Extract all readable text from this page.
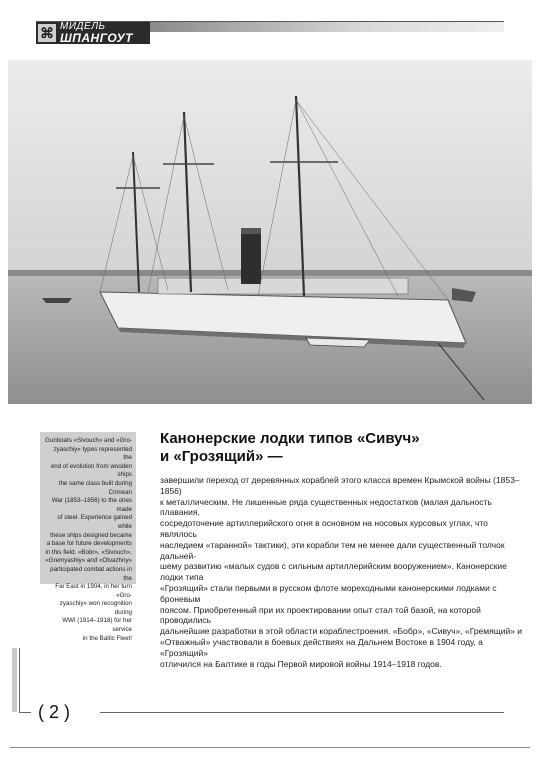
⌘ МИДЕЛЬ
ШПАНГОУТ
Gunboats «Sivouch» and «Gro-
zyaschiy» types represented the
end of evolution from wooden ships
the same class built during Crimean
War (1853–1856) to the ones made
of steel. Experience gained while
these ships designed became
a base for future developments
in this field. «Bobr», «Sivouch»,
«Gremyashiy» and «Otvazhny»
participated combat actions in the
Far East in 1904, in her turn «Gro-
zyaschiy» won recognition during
WWI (1914–1918) for her service
in the Baltic Fleet!
Канонерские лодки типов «Сивуч»
и «Грозящий» —
завершили переход от деревянных кораблей этого класса времен Крымской войны (1853–1856)
к металлическим. Не лишенные ряда существенных недостатков (малая дальность плавания,
сосредоточение артиллерийского огня в основном на носовых курсовых углах, что являлось
наследием «таранной» тактики), эти корабли тем не менее дали существенный толчок дальней-
шему развитию «малых судов с сильным артиллерийским вооружением». Канонерские лодки типа
«Грозящий» стали первыми в русском флоте мореходными канонерскими лодками с броневым
поясом. Приобретенный при их проектировании опыт стал той базой, на которой проводились
дальнейшие разработки в этой области кораблестроения. «Бобр», «Сивуч», «Гремящий» и
«Отважный» участвовали в боевых действиях на Дальнем Востоке в 1904 году, а «Грозящий»
отличился на Балтике в годы Первой мировой войны 1914–1918 годов.
( 2 )
